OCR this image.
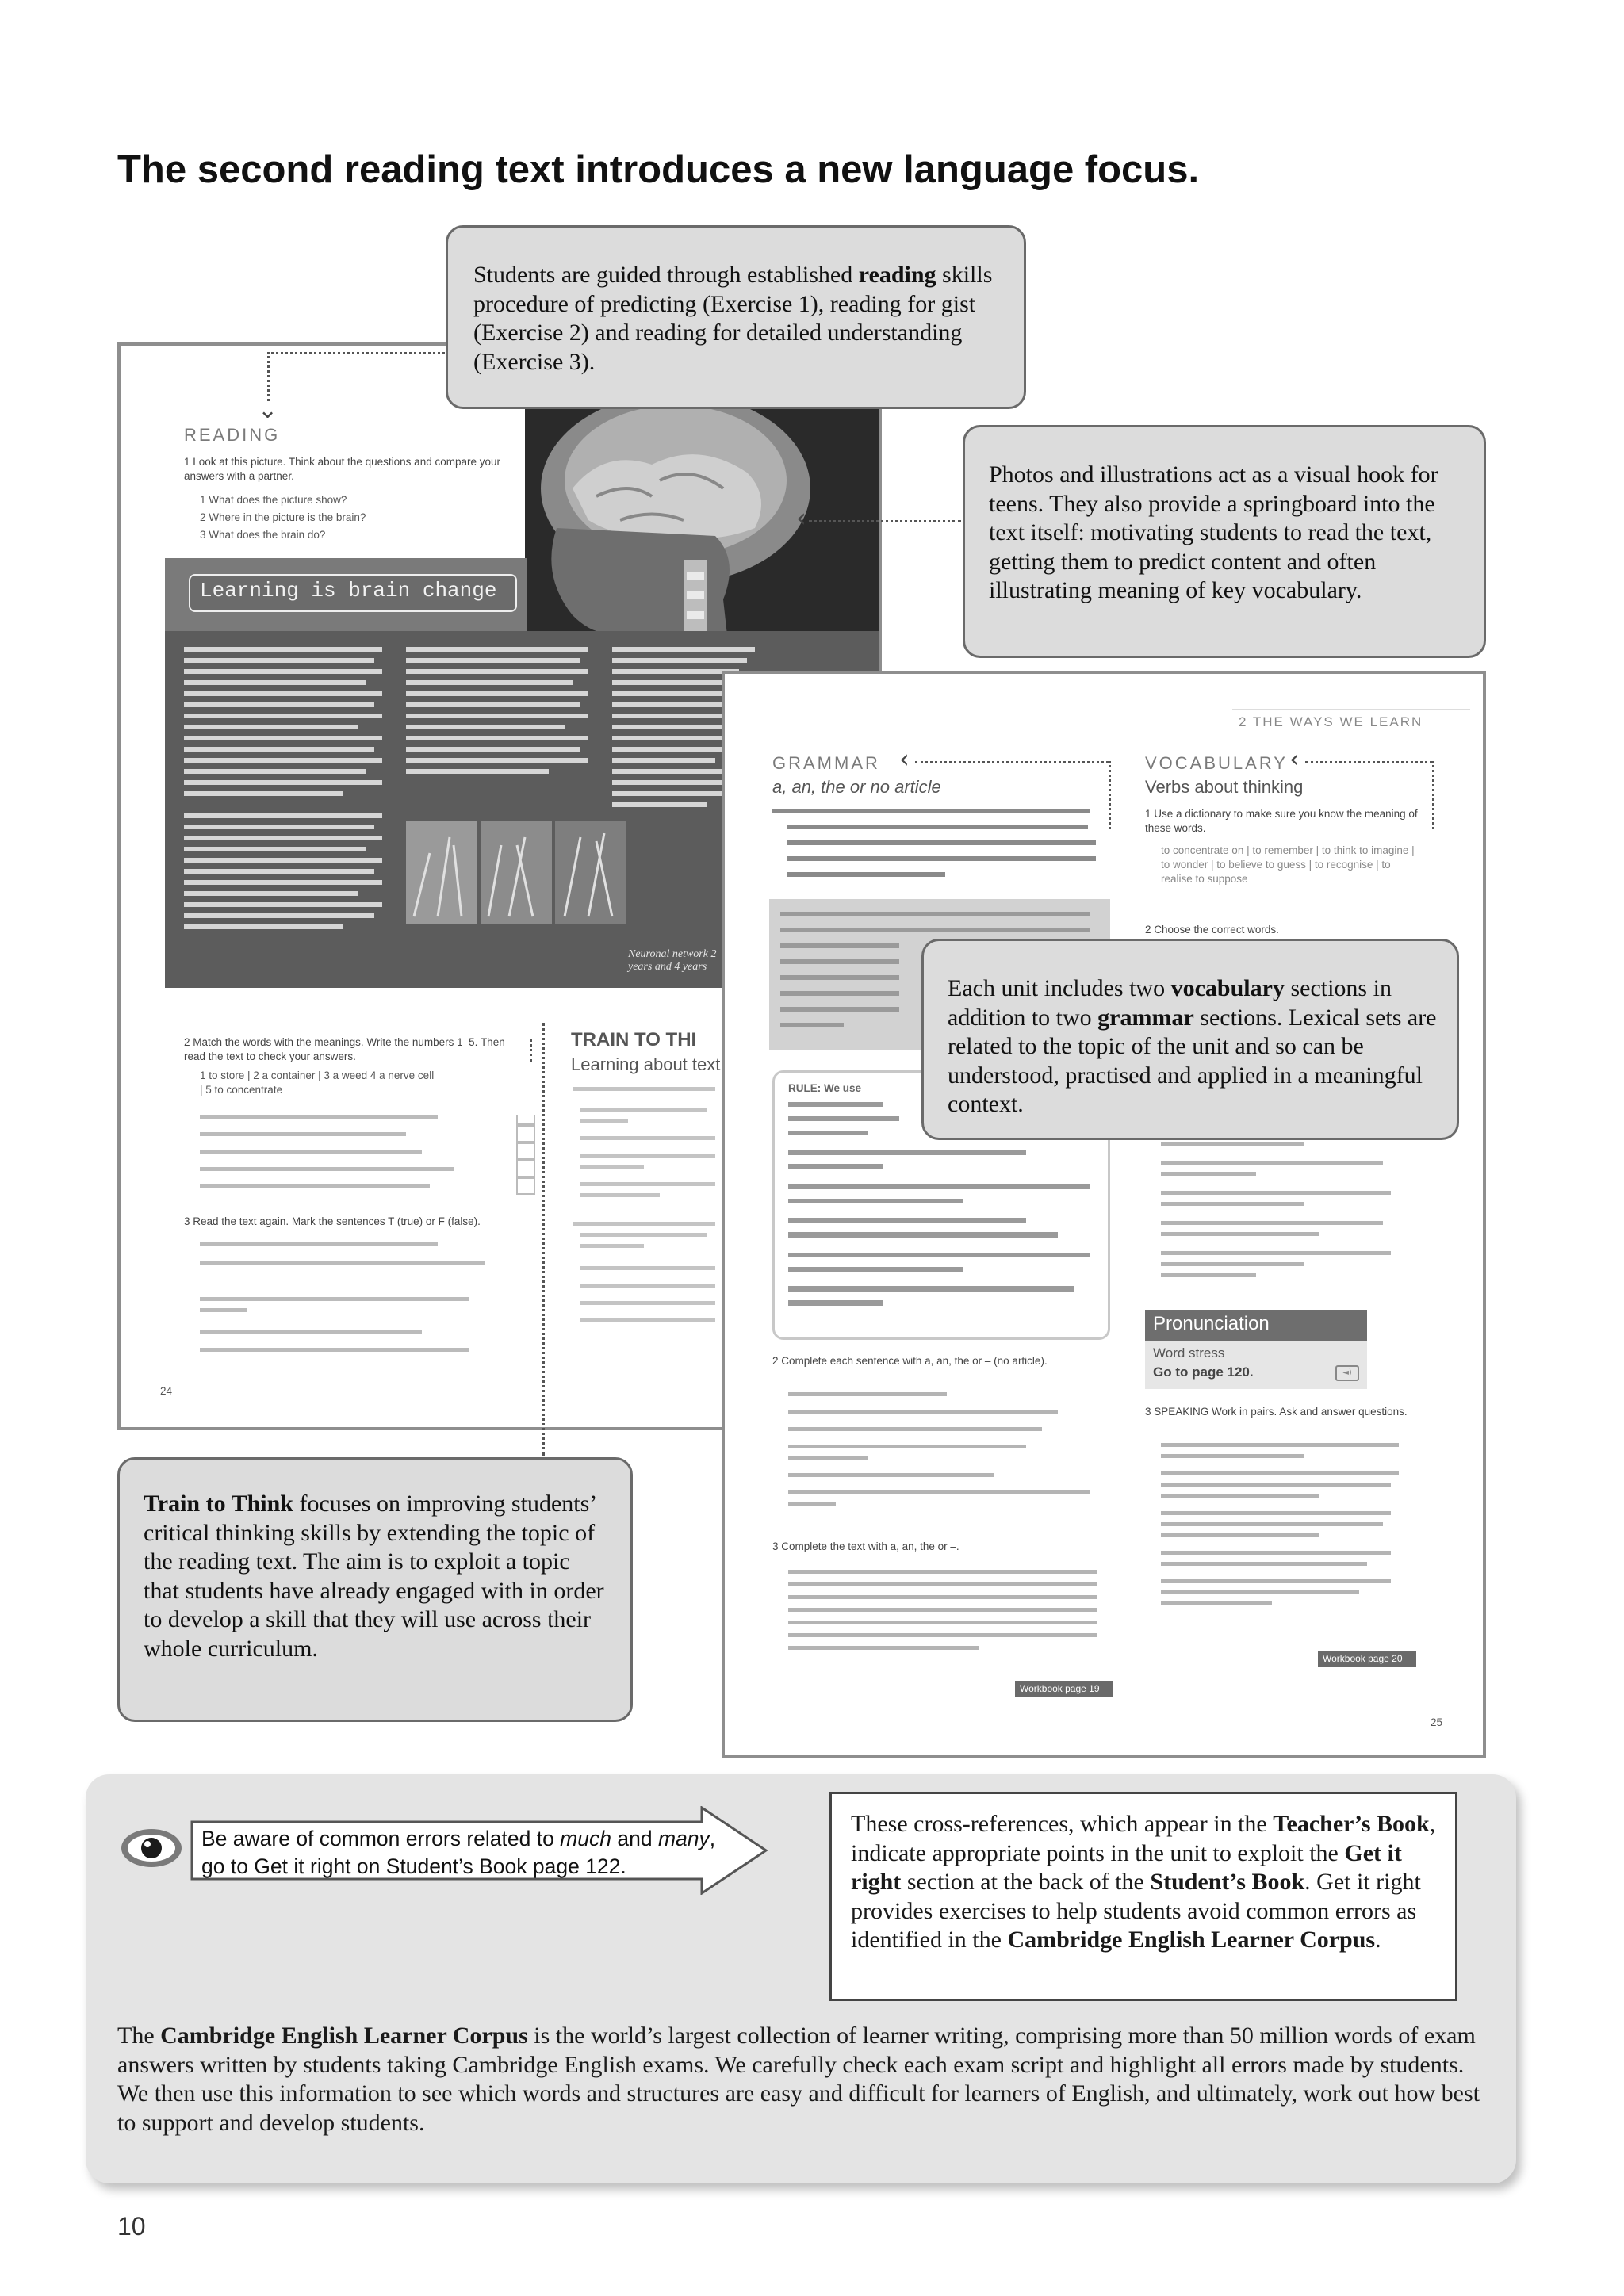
The second reading text introduces a new language focus.
READING
1 Look at this picture. Think about the questions and compare your answers with a partner.
1 What does the picture show?
2 Where in the picture is the brain?
3 What does the brain do?
Learning is brain change
Neuronal network 2 years and 4 years
2 Match the words with the meanings. Write the numbers 1–5. Then read the text to check your answers.
1 to store | 2 a container | 3 a weed 4 a nerve cell | 5 to concentrate
3 Read the text again. Mark the sentences T (true) or F (false).
24
TRAIN TO THI
Learning about text
⌄
‹
2 THE WAYS WE LEARN
GRAMMAR ‹
a, an, the or no article
RULE: We use
2 Complete each sentence with a, an, the or – (no article).
3 Complete the text with a, an, the or –.
Workbook page 19
VOCABULARY ‹
Verbs about thinking
1 Use a dictionary to make sure you know the meaning of these words.
to concentrate on | to remember | to think to imagine | to wonder | to believe to guess | to recognise | to realise to suppose
2 Choose the correct words.
Pronunciation
Word stress
Go to page 120.	◄)
3 SPEAKING Work in pairs. Ask and answer questions.
Workbook page 20
25

Students are guided through established reading skills procedure of predicting (Exercise 1), reading for gist (Exercise 2) and reading for detailed understanding (Exercise 3).

Photos and illustrations act as a visual hook for teens. They also provide a springboard into the text itself: motivating students to read the text, getting them to predict content and often illustrating meaning of key vocabulary.

Each unit includes two vocabulary sections in addition to two grammar sections. Lexical sets are related to the topic of the unit and so can be understood, practised and applied in a meaningful context.

Train to Think focuses on improving students’ critical thinking skills by extending the topic of the reading text. The aim is to exploit a topic that students have already engaged with in order to develop a skill that they will use across their whole curriculum.

Be aware of common errors related to much and many, go to Get it right on Student’s Book page 122.
These cross-references, which appear in the Teacher’s Book, indicate appropriate points in the unit to exploit the Get it right section at the back of the Student’s Book. Get it right provides exercises to help students avoid common errors as identified in the Cambridge English Learner Corpus.
The Cambridge English Learner Corpus is the world’s largest collection of learner writing, comprising more than 50 million words of exam answers written by students taking Cambridge English exams. We carefully check each exam script and highlight all errors made by students. We then use this information to see which words and structures are easy and difficult for learners of English, and ultimately, work out how best to support and develop students.
10
